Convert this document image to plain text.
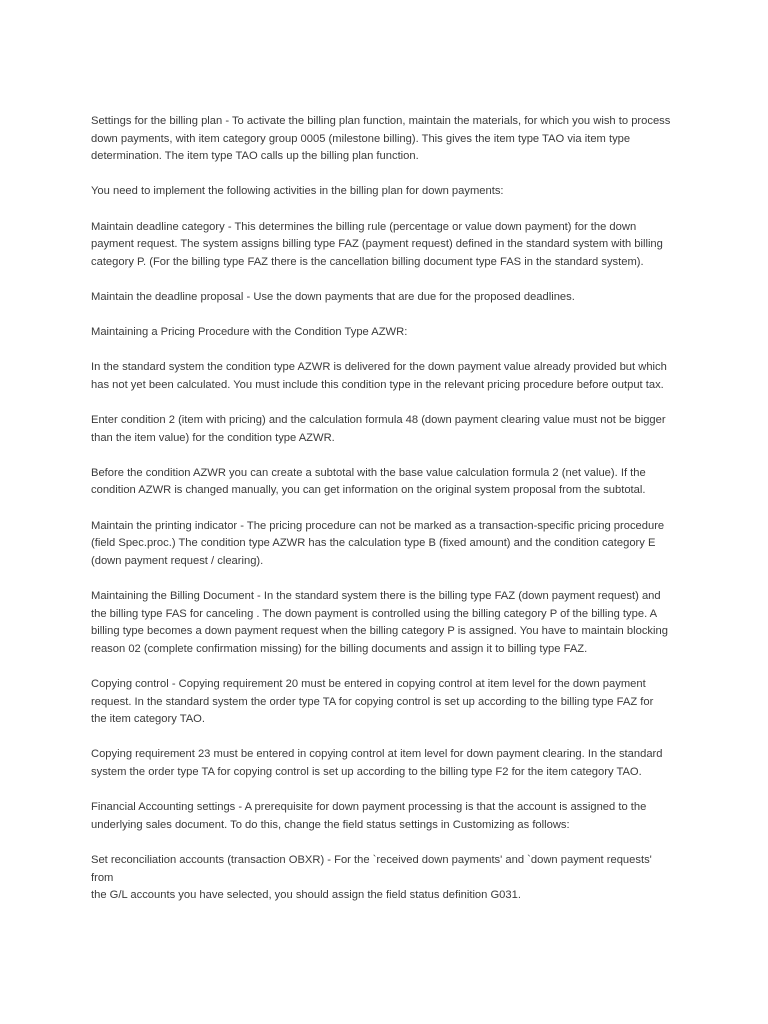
Settings for the billing plan - To activate the billing plan function, maintain the materials, for which you wish to process
down payments, with item category group 0005 (milestone billing). This gives the item type TAO via item type
determination. The item type TAO calls up the billing plan function.

You need to implement the following activities in the billing plan for down payments:

Maintain deadline category - This determines the billing rule (percentage or value down payment) for the down
payment request. The system assigns billing type FAZ (payment request) defined in the standard system with billing
category P. (For the billing type FAZ there is the cancellation billing document type FAS in the standard system).

Maintain the deadline proposal - Use the down payments that are due for the proposed deadlines.

Maintaining a Pricing Procedure with the Condition Type AZWR:

In the standard system the condition type AZWR is delivered for the down payment value already provided but which
has not yet been calculated. You must include this condition type in the relevant pricing procedure before output tax.

Enter condition 2 (item with pricing) and the calculation formula 48 (down payment clearing value must not be bigger
than the item value) for the condition type AZWR.

Before the condition AZWR you can create a subtotal with the base value calculation formula 2 (net value). If the
condition AZWR is changed manually, you can get information on the original system proposal from the subtotal.

Maintain the printing indicator - The pricing procedure can not be marked as a transaction-specific pricing procedure
(field Spec.proc.) The condition type AZWR has the calculation type B (fixed amount) and the condition category E
(down payment request / clearing).

Maintaining the Billing Document - In the standard system there is the billing type FAZ (down payment request) and
the billing type FAS for canceling . The down payment is controlled using the billing category P of the billing type. A
billing type becomes a down payment request when the billing category P is assigned. You have to maintain blocking
reason 02 (complete confirmation missing) for the billing documents and assign it to billing type FAZ.

Copying control - Copying requirement 20 must be entered in copying control at item level for the down payment
request. In the standard system the order type TA for copying control is set up according to the billing type FAZ for
the item category TAO.

Copying requirement 23 must be entered in copying control at item level for down payment clearing. In the standard
system the order type TA for copying control is set up according to the billing type F2 for the item category TAO.

Financial Accounting settings - A prerequisite for down payment processing is that the account is assigned to the
underlying sales document. To do this, change the field status settings in Customizing as follows:

Set reconciliation accounts (transaction OBXR) - For the `received down payments' and `down payment requests'
from
the G/L accounts you have selected, you should assign the field status definition G031.
